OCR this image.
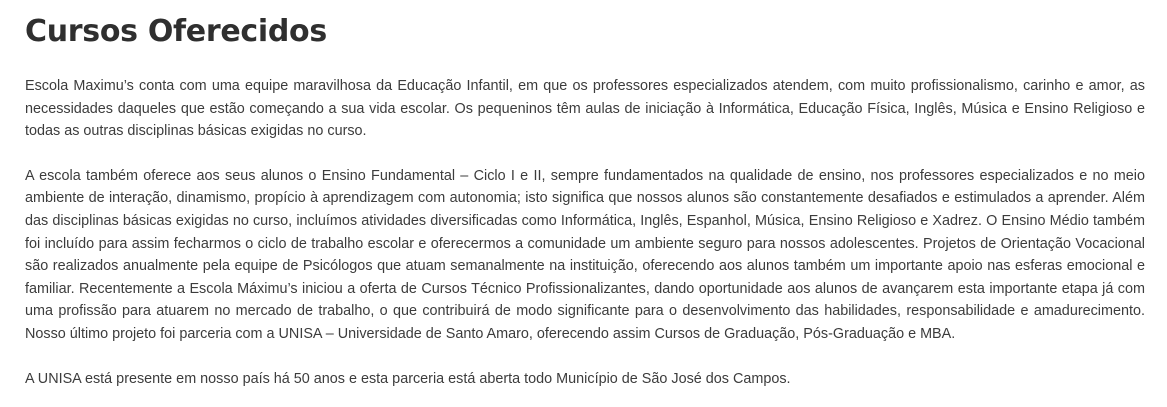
Cursos Oferecidos

Escola Maximu’s conta com uma equipe maravilhosa da Educação Infantil, em que os professores especializados atendem, com muito profissionalismo, carinho e amor, as necessidades daqueles que estão começando a sua vida escolar. Os pequeninos têm aulas de iniciação à Informática, Educação Física, Inglês, Música e Ensino Religioso e todas as outras disciplinas básicas exigidas no curso.

A escola também oferece aos seus alunos o Ensino Fundamental – Ciclo I e II, sempre fundamentados na qualidade de ensino, nos professores especializados e no meio ambiente de interação, dinamismo, propício à aprendizagem com autonomia; isto significa que nossos alunos são constantemente desafiados e estimulados a aprender. Além das disciplinas básicas exigidas no curso, incluímos atividades diversificadas como Informática, Inglês, Espanhol, Música, Ensino Religioso e Xadrez. O Ensino Médio também foi incluído para assim fecharmos o ciclo de trabalho escolar e oferecermos a comunidade um ambiente seguro para nossos adolescentes. Projetos de Orientação Vocacional são realizados anualmente pela equipe de Psicólogos que atuam semanalmente na instituição, oferecendo aos alunos também um importante apoio nas esferas emocional e familiar. Recentemente a Escola Máximu’s iniciou a oferta de Cursos Técnico Profissionalizantes, dando oportunidade aos alunos de avançarem esta importante etapa já com uma profissão para atuarem no mercado de trabalho, o que contribuirá de modo significante para o desenvolvimento das habilidades, responsabilidade e amadurecimento. Nosso último projeto foi parceria com a UNISA – Universidade de Santo Amaro, oferecendo assim Cursos de Graduação, Pós-Graduação e MBA.

A UNISA está presente em nosso país há 50 anos e esta parceria está aberta todo Município de São José dos Campos.
